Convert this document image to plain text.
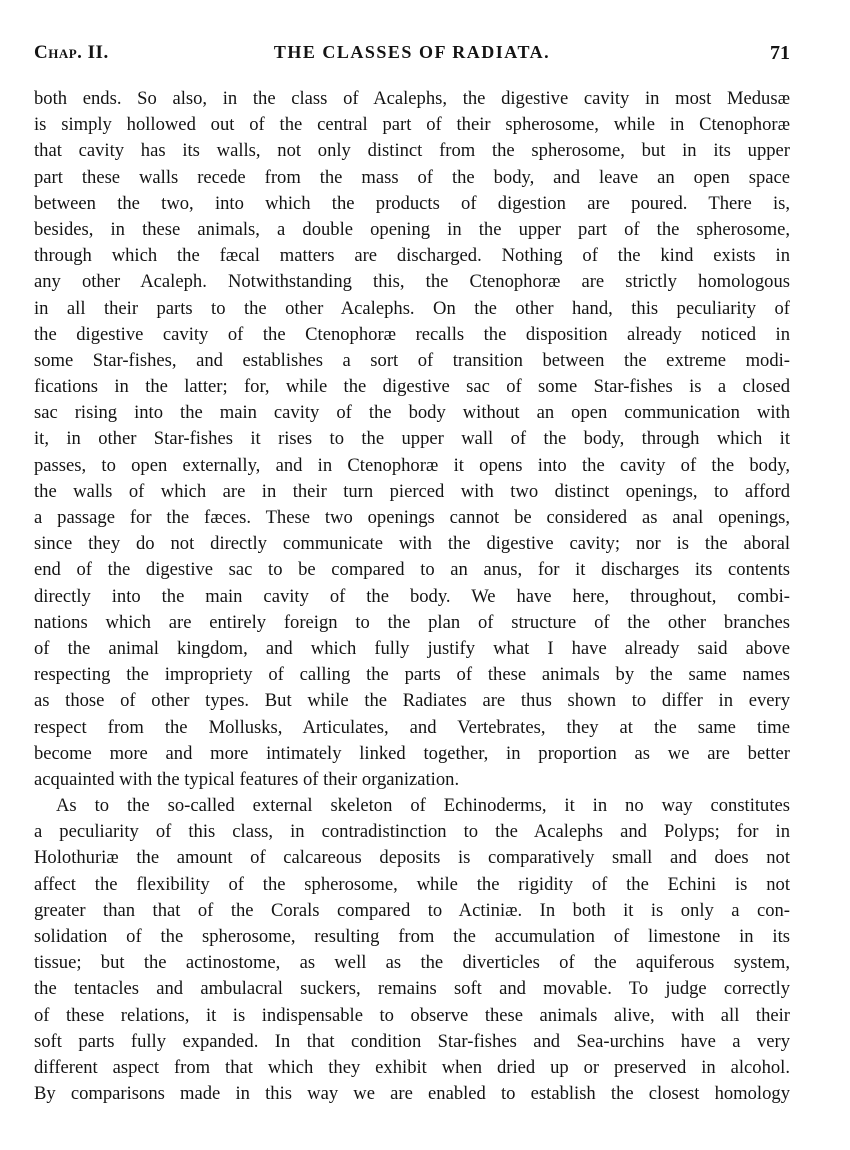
Chap. II.	THE CLASSES OF RADIATA.	71
both ends. So also, in the class of Acalephs, the digestive cavity in most Medusæ
is simply hollowed out of the central part of their spherosome, while in Ctenophoræ
that cavity has its walls, not only distinct from the spherosome, but in its upper
part these walls recede from the mass of the body, and leave an open space
between the two, into which the products of digestion are poured. There is,
besides, in these animals, a double opening in the upper part of the spherosome,
through which the fæcal matters are discharged. Nothing of the kind exists in
any other Acaleph. Notwithstanding this, the Ctenophoræ are strictly homologous
in all their parts to the other Acalephs. On the other hand, this peculiarity of
the digestive cavity of the Ctenophoræ recalls the disposition already noticed in
some Star-fishes, and establishes a sort of transition between the extreme modi-
fications in the latter; for, while the digestive sac of some Star-fishes is a closed
sac rising into the main cavity of the body without an open communication with
it, in other Star-fishes it rises to the upper wall of the body, through which it
passes, to open externally, and in Ctenophoræ it opens into the cavity of the body,
the walls of which are in their turn pierced with two distinct openings, to afford
a passage for the fæces. These two openings cannot be considered as anal openings,
since they do not directly communicate with the digestive cavity; nor is the aboral
end of the digestive sac to be compared to an anus, for it discharges its contents
directly into the main cavity of the body. We have here, throughout, combi-
nations which are entirely foreign to the plan of structure of the other branches
of the animal kingdom, and which fully justify what I have already said above
respecting the impropriety of calling the parts of these animals by the same names
as those of other types. But while the Radiates are thus shown to differ in every
respect from the Mollusks, Articulates, and Vertebrates, they at the same time
become more and more intimately linked together, in proportion as we are better
acquainted with the typical features of their organization.
As to the so-called external skeleton of Echinoderms, it in no way constitutes
a peculiarity of this class, in contradistinction to the Acalephs and Polyps; for in
Holothuriæ the amount of calcareous deposits is comparatively small and does not
affect the flexibility of the spherosome, while the rigidity of the Echini is not
greater than that of the Corals compared to Actiniæ. In both it is only a con-
solidation of the spherosome, resulting from the accumulation of limestone in its
tissue; but the actinostome, as well as the diverticles of the aquiferous system,
the tentacles and ambulacral suckers, remains soft and movable. To judge correctly
of these relations, it is indispensable to observe these animals alive, with all their
soft parts fully expanded. In that condition Star-fishes and Sea-urchins have a very
different aspect from that which they exhibit when dried up or preserved in alcohol.
By comparisons made in this way we are enabled to establish the closest homology
